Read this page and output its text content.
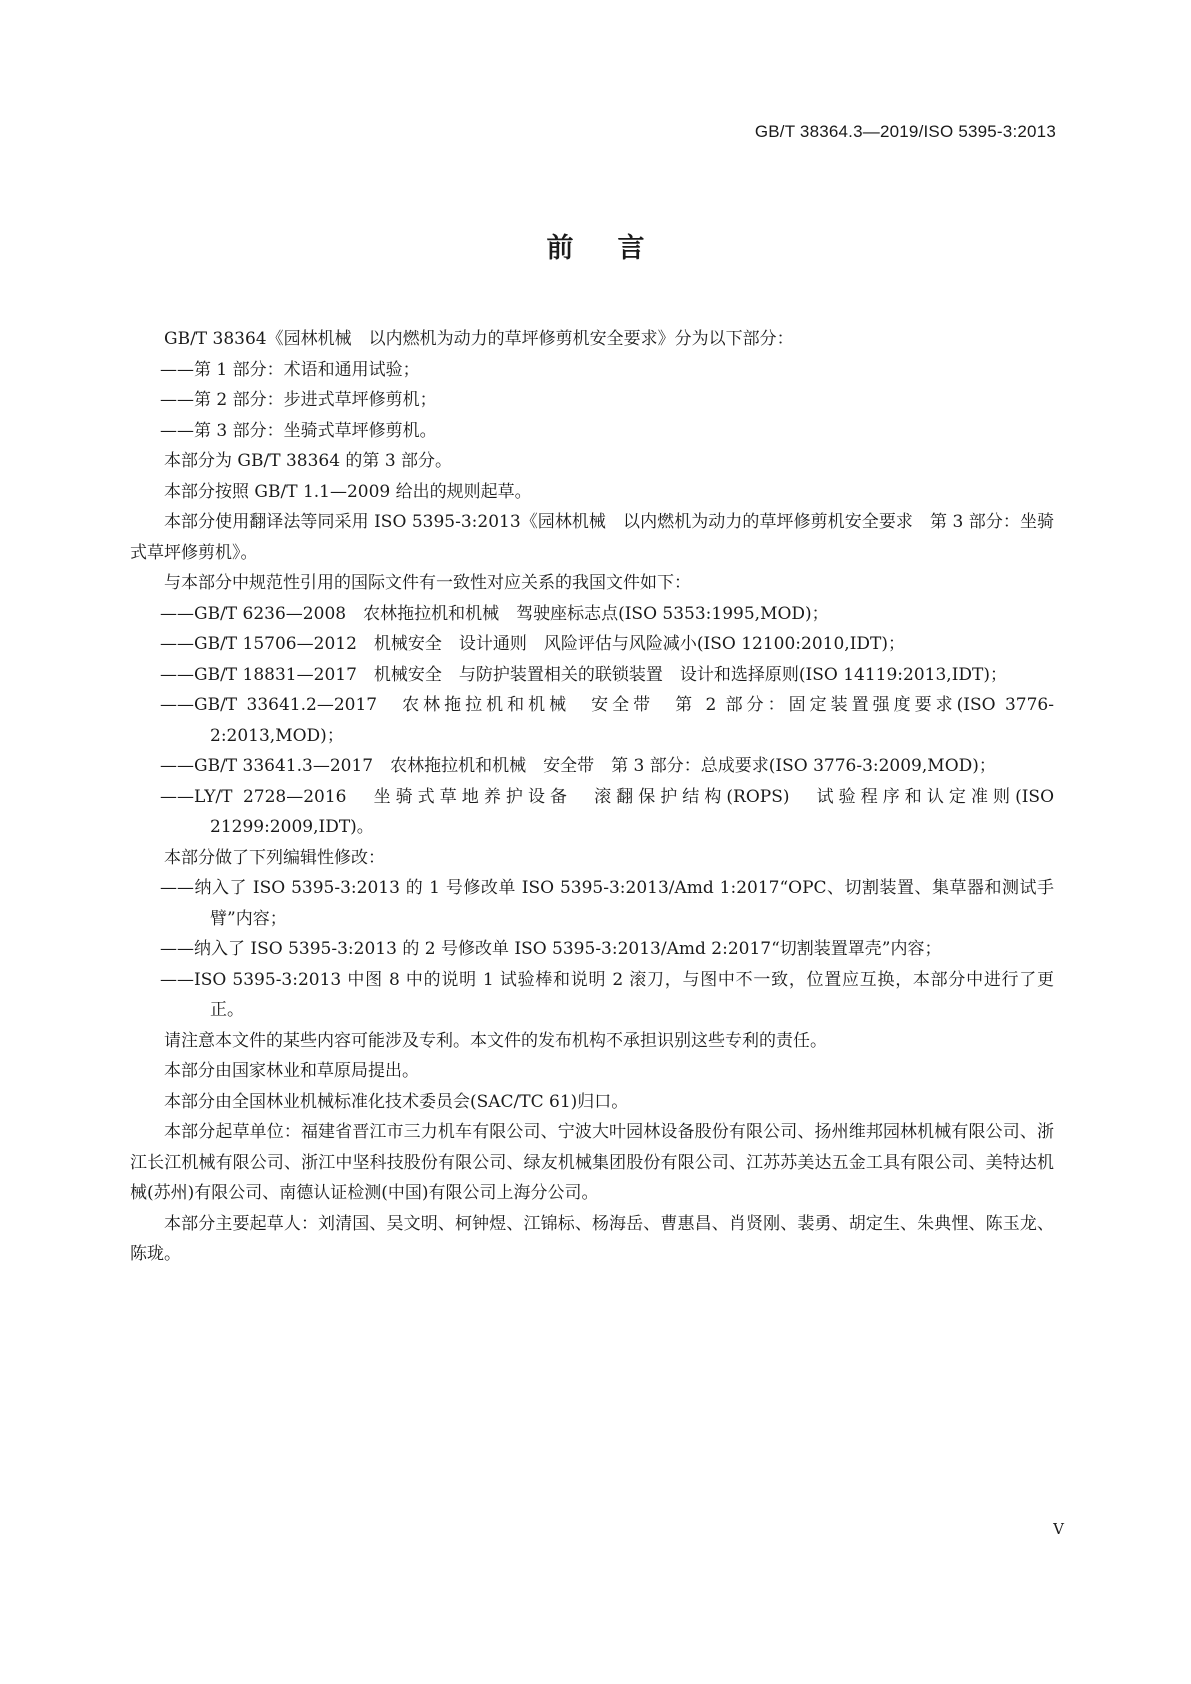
GB/T 38364.3—2019/ISO 5395-3:2013
前言

GB/T 38364《园林机械　以内燃机为动力的草坪修剪机安全要求》分为以下部分：

——第 1 部分：术语和通用试验；

——第 2 部分：步进式草坪修剪机；

——第 3 部分：坐骑式草坪修剪机。

本部分为 GB/T 38364 的第 3 部分。

本部分按照 GB/T 1.1—2009 给出的规则起草。

本部分使用翻译法等同采用 ISO 5395-3:2013《园林机械　以内燃机为动力的草坪修剪机安全要求　第 3 部分：坐骑式草坪修剪机》。

与本部分中规范性引用的国际文件有一致性对应关系的我国文件如下：

——GB/T 6236—2008　农林拖拉机和机械　驾驶座标志点(ISO 5353:1995,MOD)；

——GB/T 15706—2012　机械安全　设计通则　风险评估与风险减小(ISO 12100:2010,IDT)；

——GB/T 18831—2017　机械安全　与防护装置相关的联锁装置　设计和选择原则(ISO 14119:2013,IDT)；

——GB/T 33641.2—2017　农林拖拉机和机械　安全带　第 2 部分：固定装置强度要求(ISO 3776-2:2013,MOD)；

——GB/T 33641.3—2017　农林拖拉机和机械　安全带　第 3 部分：总成要求(ISO 3776-3:2009,MOD)；

——LY/T 2728—2016　坐骑式草地养护设备　滚翻保护结构(ROPS)　试验程序和认定准则(ISO 21299:2009,IDT)。

本部分做了下列编辑性修改：

——纳入了 ISO 5395-3:2013 的 1 号修改单 ISO 5395-3:2013/Amd 1:2017“OPC、切割装置、集草器和测试手臂”内容；

——纳入了 ISO 5395-3:2013 的 2 号修改单 ISO 5395-3:2013/Amd 2:2017“切割装置罩壳”内容；

——ISO 5395-3:2013 中图 8 中的说明 1 试验棒和说明 2 滚刀，与图中不一致，位置应互换，本部分中进行了更正。

请注意本文件的某些内容可能涉及专利。本文件的发布机构不承担识别这些专利的责任。

本部分由国家林业和草原局提出。

本部分由全国林业机械标准化技术委员会(SAC/TC 61)归口。

本部分起草单位：福建省晋江市三力机车有限公司、宁波大叶园林设备股份有限公司、扬州维邦园林机械有限公司、浙江长江机械有限公司、浙江中坚科技股份有限公司、绿友机械集团股份有限公司、江苏苏美达五金工具有限公司、美特达机械(苏州)有限公司、南德认证检测(中国)有限公司上海分公司。

本部分主要起草人：刘清国、吴文明、柯钟煜、江锦标、杨海岳、曹惠昌、肖贤刚、裴勇、胡定生、朱典悝、陈玉龙、陈珑。

V
